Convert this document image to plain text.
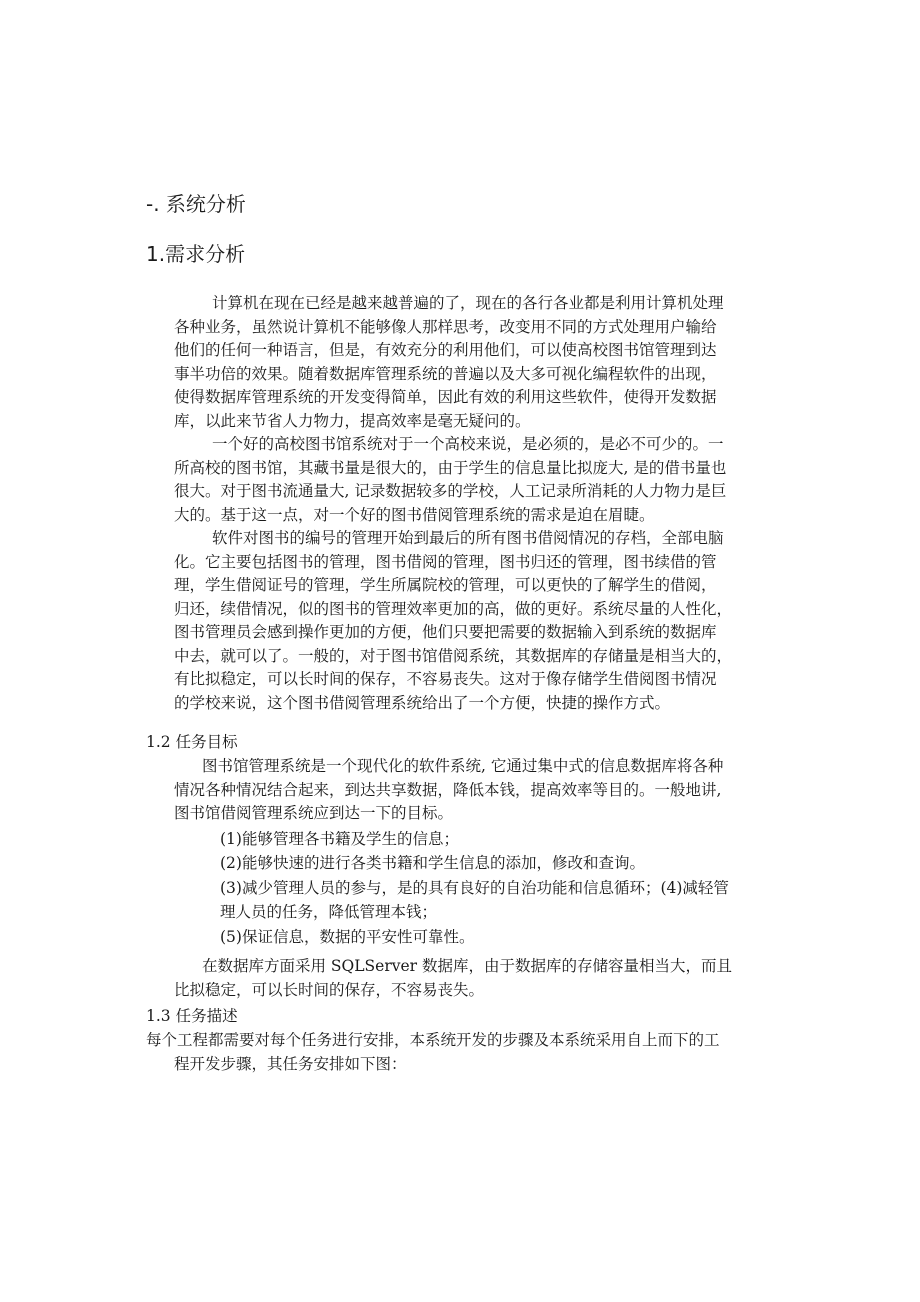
-. 系统分析
1.需求分析
计算机在现在已经是越来越普遍的了，现在的各行各业都是利用计算机处理
各种业务，虽然说计算机不能够像人那样思考，改变用不同的方式处理用户输给
他们的任何一种语言，但是，有效充分的利用他们，可以使高校图书馆管理到达
事半功倍的效果。随着数据库管理系统的普遍以及大多可视化编程软件的出现，
使得数据库管理系统的开发变得简单，因此有效的利用这些软件，使得开发数据
库，以此来节省人力物力，提高效率是毫无疑问的。
一个好的高校图书馆系统对于一个高校来说，是必须的，是必不可少的。一
所高校的图书馆，其藏书量是很大的，由于学生的信息量比拟庞大, 是的借书量也
很大。对于图书流通量大, 记录数据较多的学校，人工记录所消耗的人力物力是巨
大的。基于这一点，对一个好的图书借阅管理系统的需求是迫在眉睫。
软件对图书的编号的管理开始到最后的所有图书借阅情况的存档，全部电脑
化。它主要包括图书的管理，图书借阅的管理，图书归还的管理，图书续借的管
理，学生借阅证号的管理，学生所属院校的管理，可以更快的了解学生的借阅，
归还，续借情况，似的图书的管理效率更加的高，做的更好。系统尽量的人性化，
图书管理员会感到操作更加的方便，他们只要把需要的数据输入到系统的数据库
中去，就可以了。一般的，对于图书馆借阅系统，其数据库的存储量是相当大的，
有比拟稳定，可以长时间的保存，不容易丧失。这对于像存储学生借阅图书情况
的学校来说，这个图书借阅管理系统给出了一个方便，快捷的操作方式。
1.2 任务目标
图书馆管理系统是一个现代化的软件系统, 它通过集中式的信息数据库将各种
情况各种情况结合起来，到达共享数据，降低本钱，提高效率等目的。一般地讲,
图书馆借阅管理系统应到达一下的目标。
(1)能够管理各书籍及学生的信息；
(2)能够快速的进行各类书籍和学生信息的添加，修改和查询。
(3)减少管理人员的参与，是的具有良好的自治功能和信息循环；(4)减轻管
理人员的任务，降低管理本钱；
(5)保证信息，数据的平安性可靠性。
在数据库方面采用 SQLServer 数据库，由于数据库的存储容量相当大，而且
比拟稳定，可以长时间的保存，不容易丧失。
1.3 任务描述
每个工程都需要对每个任务进行安排，本系统开发的步骤及本系统采用自上而下的工
程开发步骤，其任务安排如下图：
